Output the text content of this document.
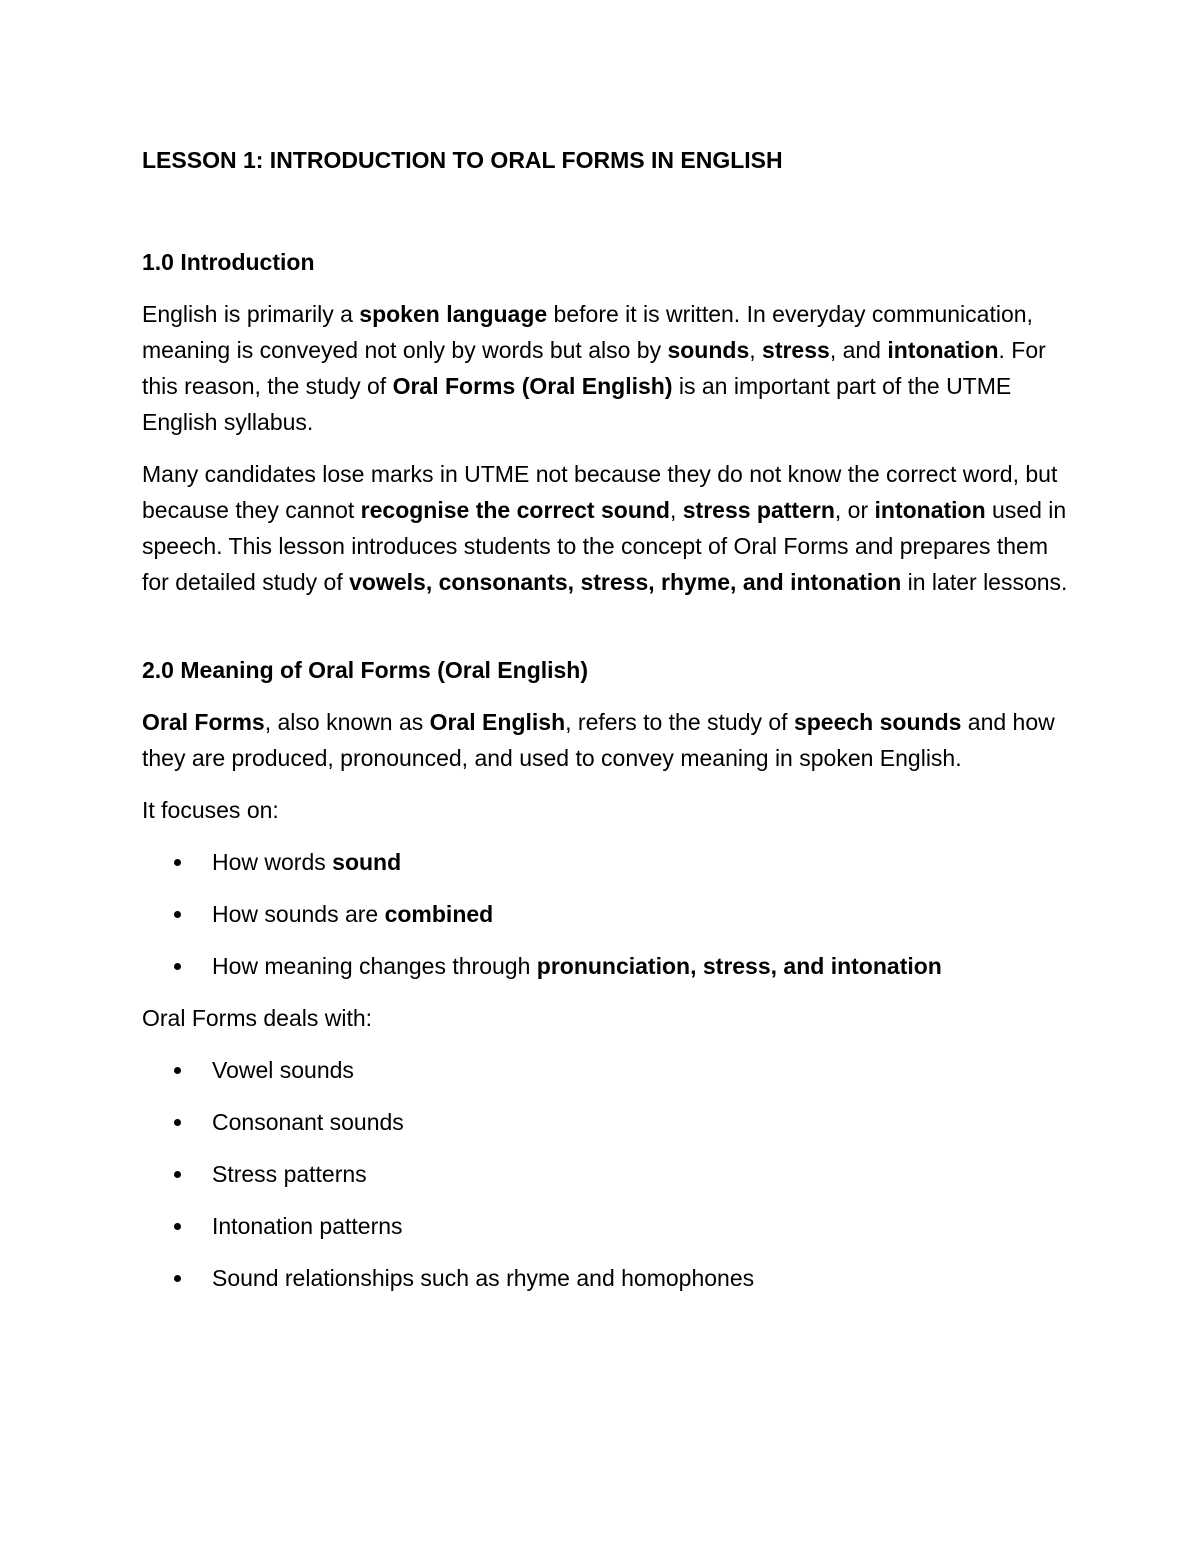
LESSON 1: INTRODUCTION TO ORAL FORMS IN ENGLISH

1.0 Introduction

English is primarily a spoken language before it is written. In everyday communication, meaning is conveyed not only by words but also by sounds, stress, and intonation. For this reason, the study of Oral Forms (Oral English) is an important part of the UTME English syllabus.

Many candidates lose marks in UTME not because they do not know the correct word, but because they cannot recognise the correct sound, stress pattern, or intonation used in speech. This lesson introduces students to the concept of Oral Forms and prepares them for detailed study of vowels, consonants, stress, rhyme, and intonation in later lessons.

2.0 Meaning of Oral Forms (Oral English)

Oral Forms, also known as Oral English, refers to the study of speech sounds and how they are produced, pronounced, and used to convey meaning in spoken English.

It focuses on:

How words sound
How sounds are combined
How meaning changes through pronunciation, stress, and intonation

Oral Forms deals with:

Vowel sounds
Consonant sounds
Stress patterns
Intonation patterns
Sound relationships such as rhyme and homophones
